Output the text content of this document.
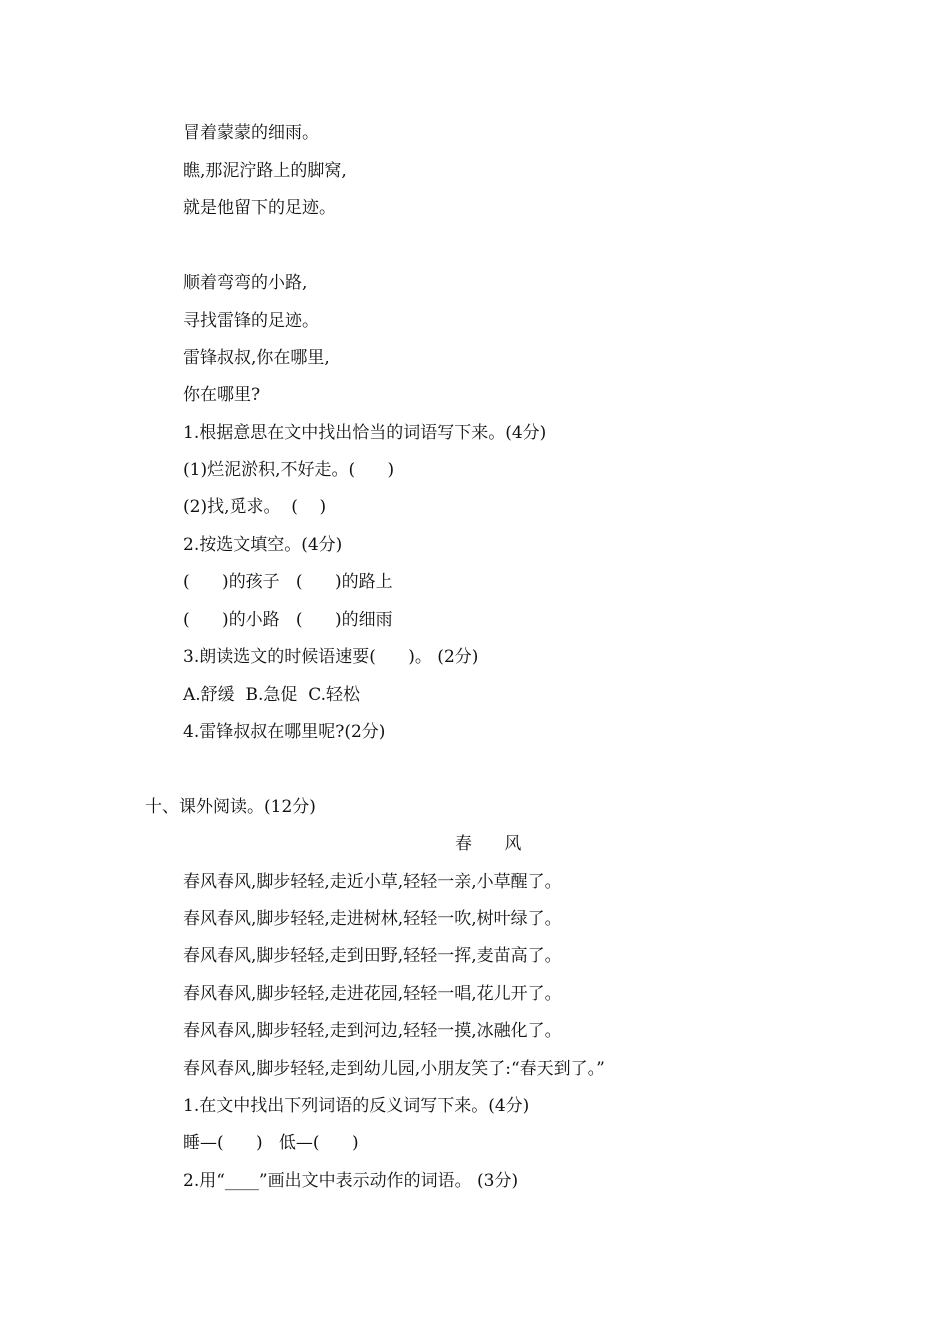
冒着蒙蒙的细雨。

瞧,那泥泞路上的脚窝,

就是他留下的足迹。

顺着弯弯的小路,

寻找雷锋的足迹。

雷锋叔叔,你在哪里,

你在哪里?

1.根据意思在文中找出恰当的词语写下来。(4分)

(1)烂泥淤积,不好走。(      )

(2)找,觅求。  (    )

2.按选文填空。(4分)

(      )的孩子   (      )的路上

(      )的小路   (      )的细雨

3.朗读选文的时候语速要(      )。 (2分)

A.舒缓  B.急促  C.轻松

4.雷锋叔叔在哪里呢?(2分)

十、课外阅读。(12分)

春      风

春风春风,脚步轻轻,走近小草,轻轻一亲,小草醒了。

春风春风,脚步轻轻,走进树林,轻轻一吹,树叶绿了。

春风春风,脚步轻轻,走到田野,轻轻一挥,麦苗高了。

春风春风,脚步轻轻,走进花园,轻轻一唱,花儿开了。

春风春风,脚步轻轻,走到河边,轻轻一摸,冰融化了。

春风春风,脚步轻轻,走到幼儿园,小朋友笑了:“春天到了。”

1.在文中找出下列词语的反义词写下来。(4分)

睡—(      )   低—(      )

2.用“____”画出文中表示动作的词语。 (3分)
